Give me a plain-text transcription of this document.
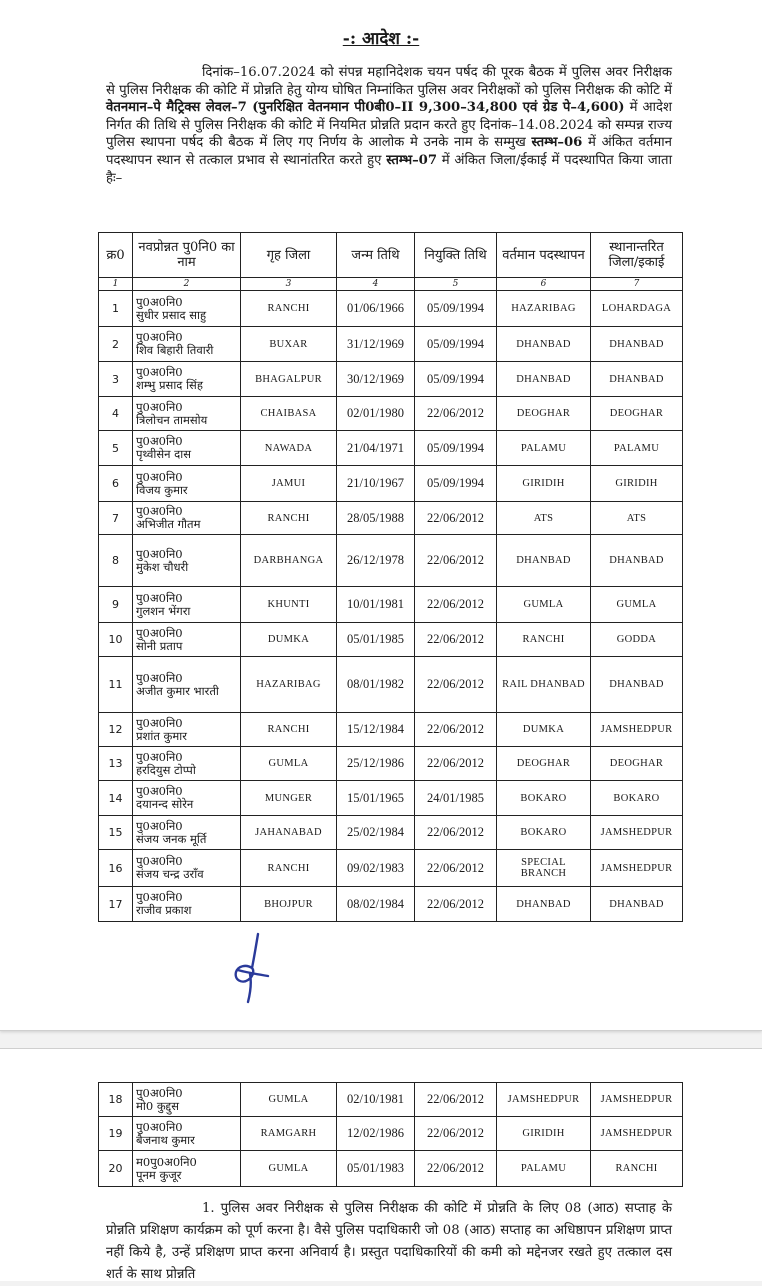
-: आदेश :-
दिनांक–16.07.2024 को संपन्न महानिदेशक चयन पर्षद की पूरक बैठक में पुलिस अवर निरीक्षक से पुलिस निरीक्षक की कोटि में प्रोन्नति हेतु योग्य घोषित निम्नांकित पुलिस अवर निरीक्षकों को पुलिस निरीक्षक की कोटि में वेतनमान–पे मैट्रिक्स लेवल–7 (पुनरिक्षित वेतनमान पी0बी0–II 9,300–34,800 एवं ग्रेड पे–4,600) में आदेश निर्गत की तिथि से पुलिस निरीक्षक की कोटि में नियमित प्रोन्नति प्रदान करते हुए दिनांक–14.08.2024 को सम्पन्न राज्य पुलिस स्थापना पर्षद की बैठक में लिए गए निर्णय के आलोक मे उनके नाम के सम्मुख स्तम्भ–06 में अंकित वर्तमान पदस्थापन स्थान से तत्काल प्रभाव से स्थानांतरित करते हुए स्तम्भ–07 में अंकित जिला/ईकाई में पदस्थापित किया जाता हैः–
क्र0	नवप्रोन्नत पु0नि0 का नाम	गृह जिला	जन्म तिथि	नियुक्ति तिथि	वर्तमान पदस्थापन	स्थानान्तरित जिला/इकाई
1	2	3	4	5	6	7
1	पु0अ0नि0
सुधीर प्रसाद साहु	RANCHI	01/06/1966	05/09/1994	HAZARIBAG	LOHARDAGA
2	पु0अ0नि0
शिव बिहारी तिवारी	BUXAR	31/12/1969	05/09/1994	DHANBAD	DHANBAD
3	पु0अ0नि0
शम्भु प्रसाद सिंह	BHAGALPUR	30/12/1969	05/09/1994	DHANBAD	DHANBAD
4	पु0अ0नि0
त्रिलोचन तामसोय	CHAIBASA	02/01/1980	22/06/2012	DEOGHAR	DEOGHAR
5	पु0अ0नि0
पृथ्वीसेन दास	NAWADA	21/04/1971	05/09/1994	PALAMU	PALAMU
6	पु0अ0नि0
विजय कुमार	JAMUI	21/10/1967	05/09/1994	GIRIDIH	GIRIDIH
7	पु0अ0नि0
अभिजीत गौतम	RANCHI	28/05/1988	22/06/2012	ATS	ATS
8	पु0अ0नि0
मुकेश चौधरी	DARBHANGA	26/12/1978	22/06/2012	DHANBAD	DHANBAD
9	पु0अ0नि0
गुलशन भेंगरा	KHUNTI	10/01/1981	22/06/2012	GUMLA	GUMLA
10	पु0अ0नि0
सोनी प्रताप	DUMKA	05/01/1985	22/06/2012	RANCHI	GODDA
11	पु0अ0नि0
अजीत कुमार भारती	HAZARIBAG	08/01/1982	22/06/2012	RAIL DHANBAD	DHANBAD
12	पु0अ0नि0
प्रशांत कुमार	RANCHI	15/12/1984	22/06/2012	DUMKA	JAMSHEDPUR
13	पु0अ0नि0
हरदियुस टोप्पो	GUMLA	25/12/1986	22/06/2012	DEOGHAR	DEOGHAR
14	पु0अ0नि0
दयानन्द सोरेन	MUNGER	15/01/1965	24/01/1985	BOKARO	BOKARO
15	पु0अ0नि0
संजय जनक मूर्ति	JAHANABAD	25/02/1984	22/06/2012	BOKARO	JAMSHEDPUR
16	पु0अ0नि0
संजय चन्द्र उराँव	RANCHI	09/02/1983	22/06/2012	SPECIAL BRANCH	JAMSHEDPUR
17	पु0अ0नि0
राजीव प्रकाश	BHOJPUR	08/02/1984	22/06/2012	DHANBAD	DHANBAD
18	पु0अ0नि0
मो0 कुद्दुस	GUMLA	02/10/1981	22/06/2012	JAMSHEDPUR	JAMSHEDPUR
19	पु0अ0नि0
बैजनाथ कुमार	RAMGARH	12/02/1986	22/06/2012	GIRIDIH	JAMSHEDPUR
20	म0पु0अ0नि0
पूनम कुजूर	GUMLA	05/01/1983	22/06/2012	PALAMU	RANCHI
1. पुलिस अवर निरीक्षक से पुलिस निरीक्षक की कोटि में प्रोन्नति के लिए 08 (आठ) सप्ताह के प्रोन्नति प्रशिक्षण कार्यक्रम को पूर्ण करना है। वैसे पुलिस पदाधिकारी जो 08 (आठ) सप्ताह का अधिष्ठापन प्रशिक्षण प्राप्त नहीं किये है, उन्हें प्रशिक्षण प्राप्त करना अनिवार्य है। प्रस्तुत पदाधिकारियों की कमी को मद्देनजर रखते हुए तत्काल दस शर्त के साथ प्रोन्नति
